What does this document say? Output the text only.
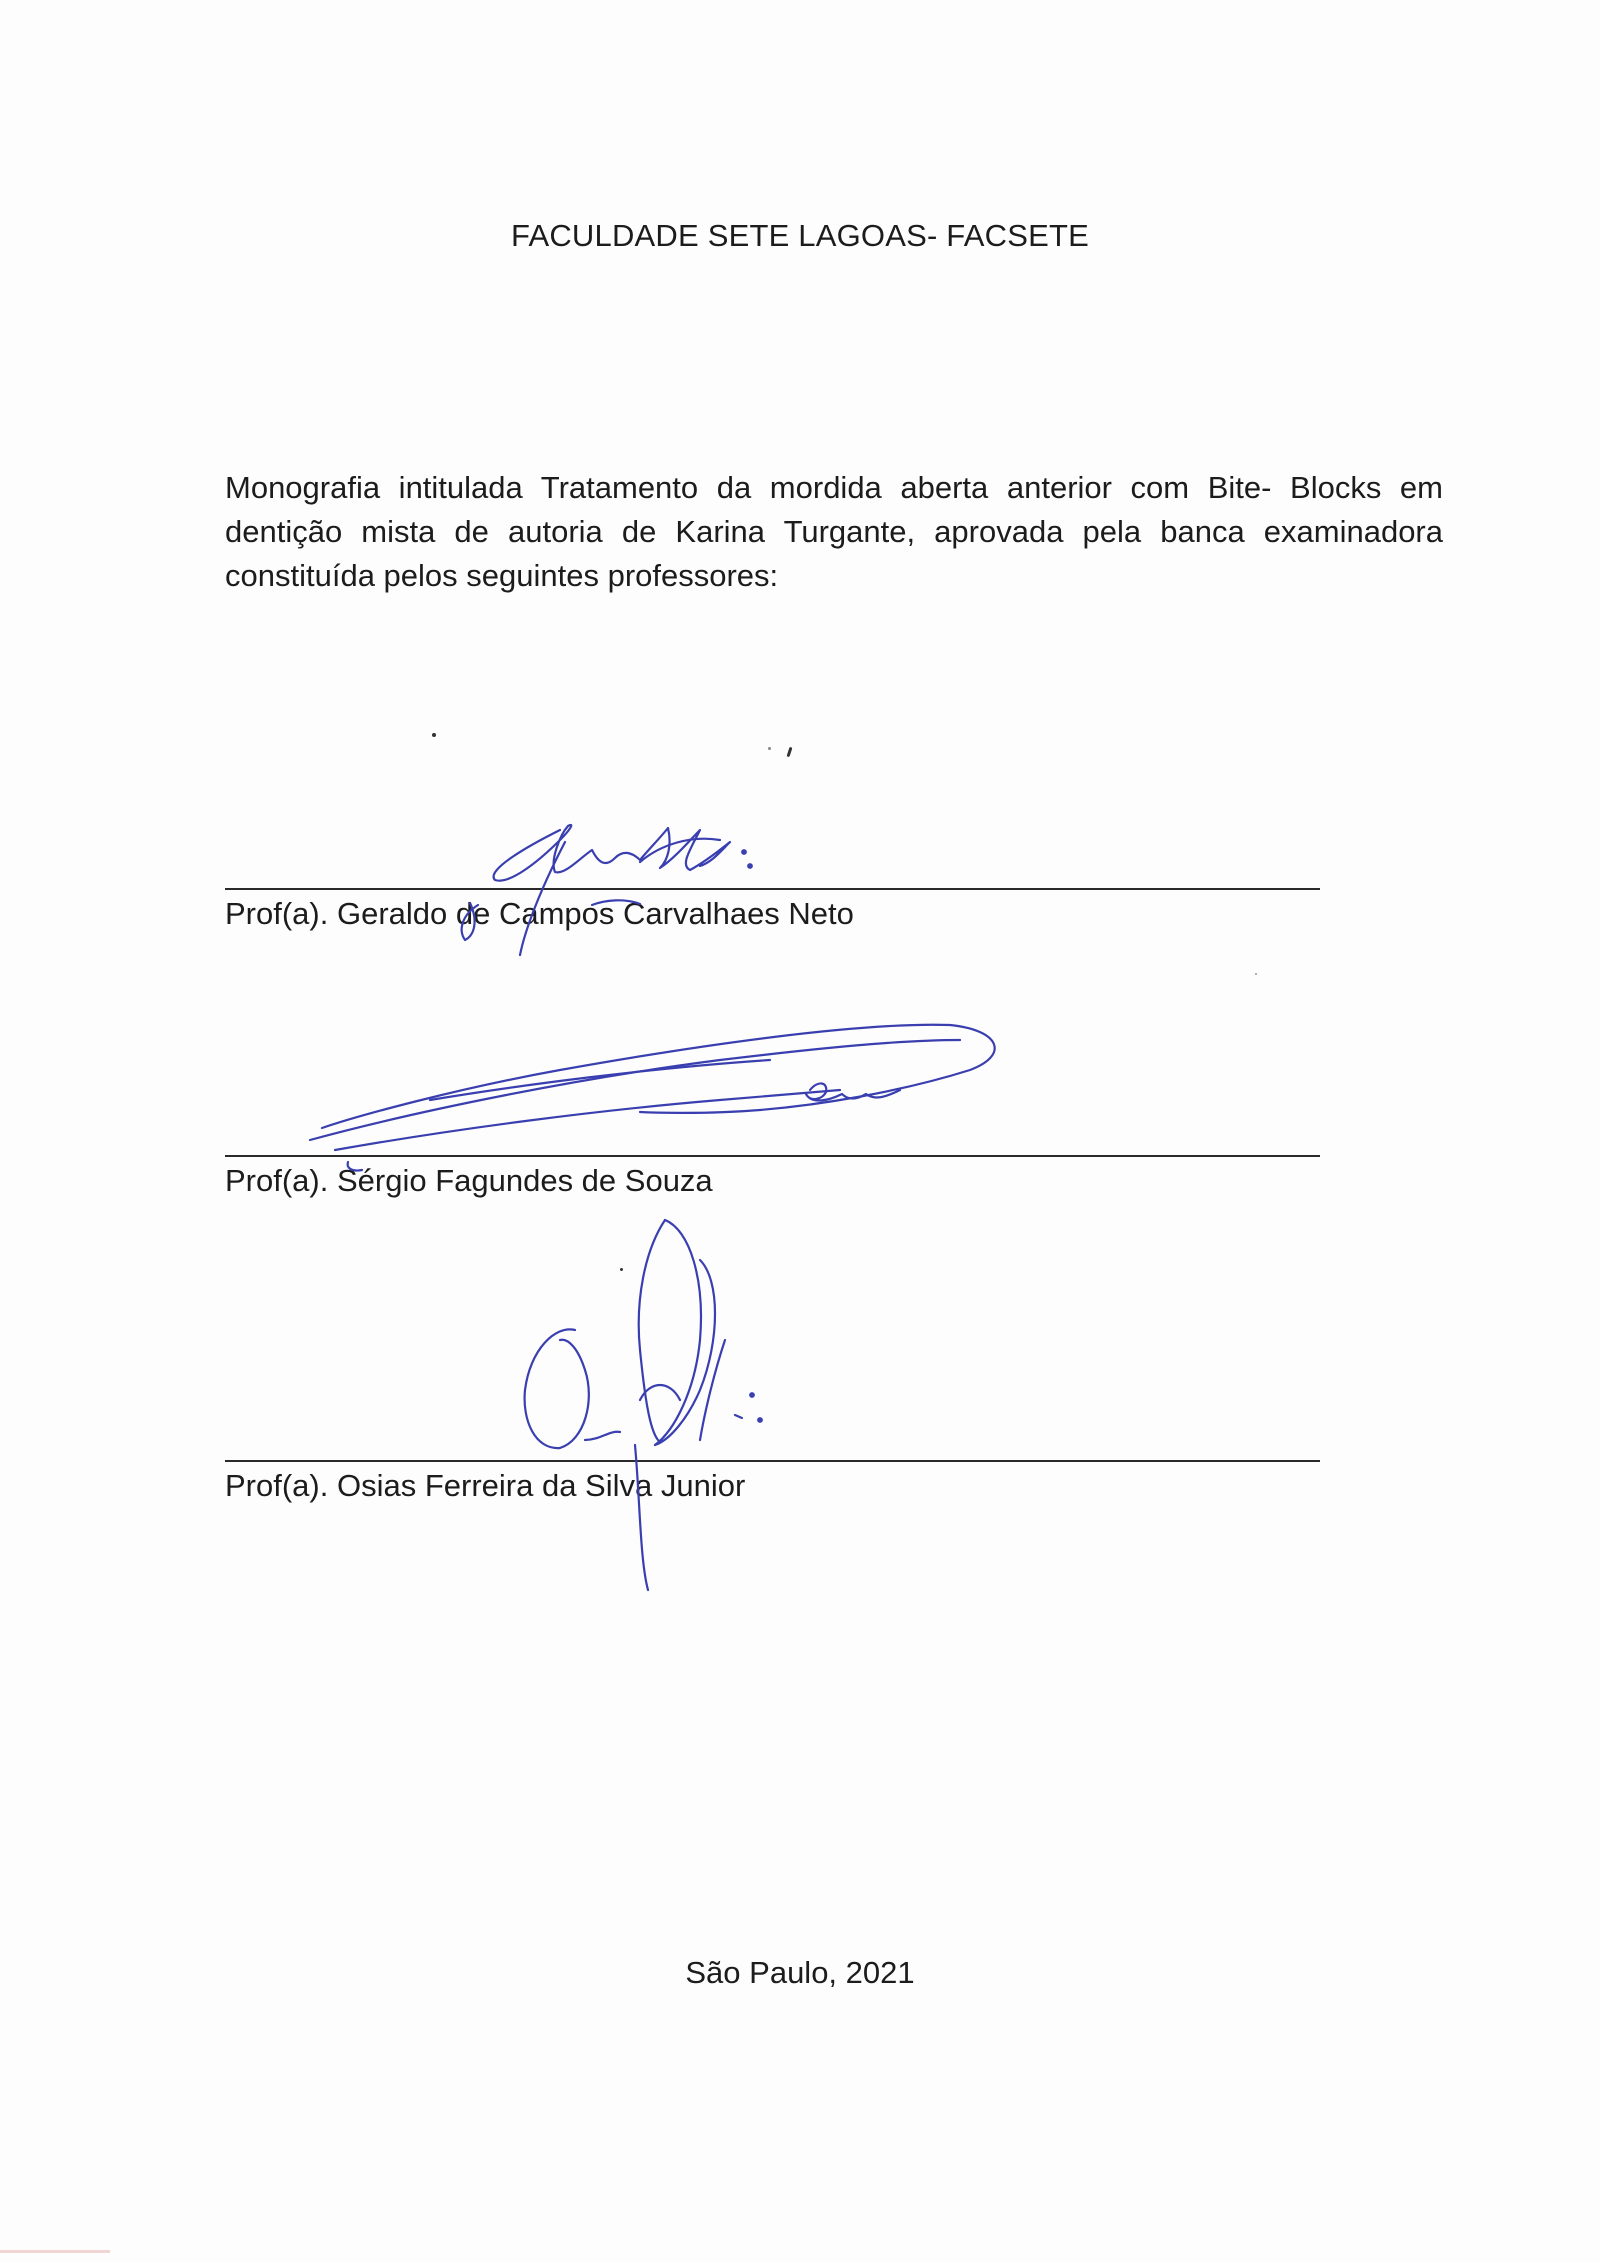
FACULDADE SETE LAGOAS- FACSETE
Monografia intitulada Tratamento da mordida aberta anterior com Bite- Blocks em dentição mista de autoria de Karina Turgante, aprovada pela banca examinadora constituída pelos seguintes professores:
Prof(a). Geraldo de Campos Carvalhaes Neto
Prof(a). Sérgio Fagundes de Souza
Prof(a). Osias Ferreira da Silva Junior
São Paulo, 2021
